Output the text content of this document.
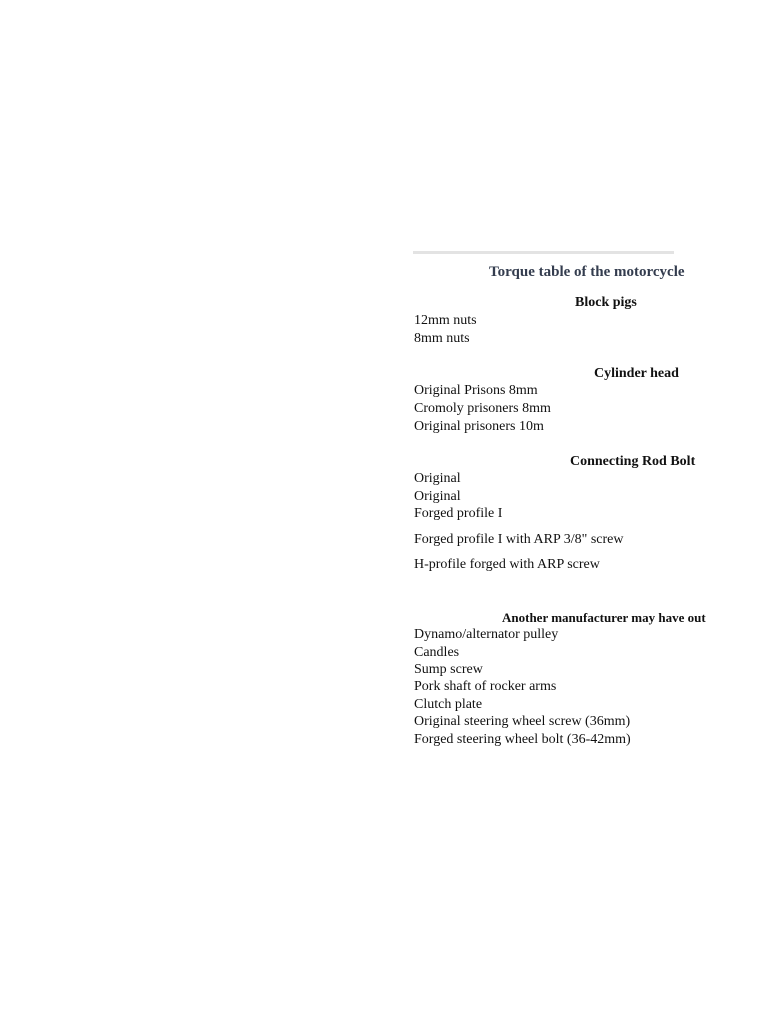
Torque table of the motorcycle
Block pigs
12mm nuts
8mm nuts
Cylinder head
Original Prisons 8mm
Cromoly prisoners 8mm
Original prisoners 10m
Connecting Rod Bolt
Original
Original
Forged profile I
Forged profile I with ARP 3/8" screw
H-profile forged with ARP screw
Another manufacturer may have out
Dynamo/alternator pulley
Candles
Sump screw
Pork shaft of rocker arms
Clutch plate
Original steering wheel screw (36mm)
Forged steering wheel bolt (36-42mm)
